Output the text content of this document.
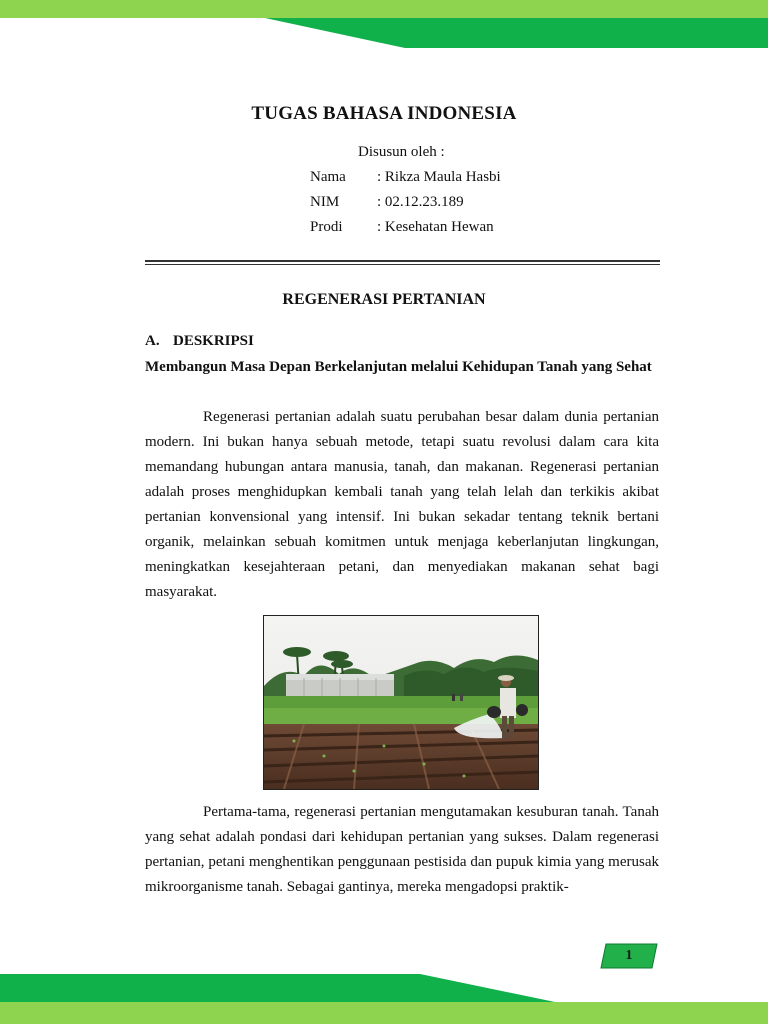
TUGAS BAHASA INDONESIA
Disusun oleh :
Nama : Rikza Maula Hasbi
NIM	: 02.12.23.189
Prodi : Kesehatan Hewan
REGENERASI PERTANIAN
A. DESKRIPSI
Membangun Masa Depan Berkelanjutan melalui Kehidupan Tanah yang Sehat

Regenerasi pertanian adalah suatu perubahan besar dalam dunia pertanian modern. Ini bukan hanya sebuah metode, tetapi suatu revolusi dalam cara kita memandang hubungan antara manusia, tanah, dan makanan. Regenerasi pertanian adalah proses menghidupkan kembali tanah yang telah lelah dan terkikis akibat pertanian konvensional yang intensif. Ini bukan sekadar tentang teknik bertani organik, melainkan sebuah komitmen untuk menjaga keberlanjutan lingkungan, meningkatkan kesejahteraan petani, dan menyediakan makanan sehat bagi masyarakat.

Pertama-tama, regenerasi pertanian mengutamakan kesuburan tanah. Tanah yang sehat adalah pondasi dari kehidupan pertanian yang sukses. Dalam regenerasi pertanian, petani menghentikan penggunaan pestisida dan pupuk kimia yang merusak mikroorganisme tanah. Sebagai gantinya, mereka mengadopsi praktik-

1
